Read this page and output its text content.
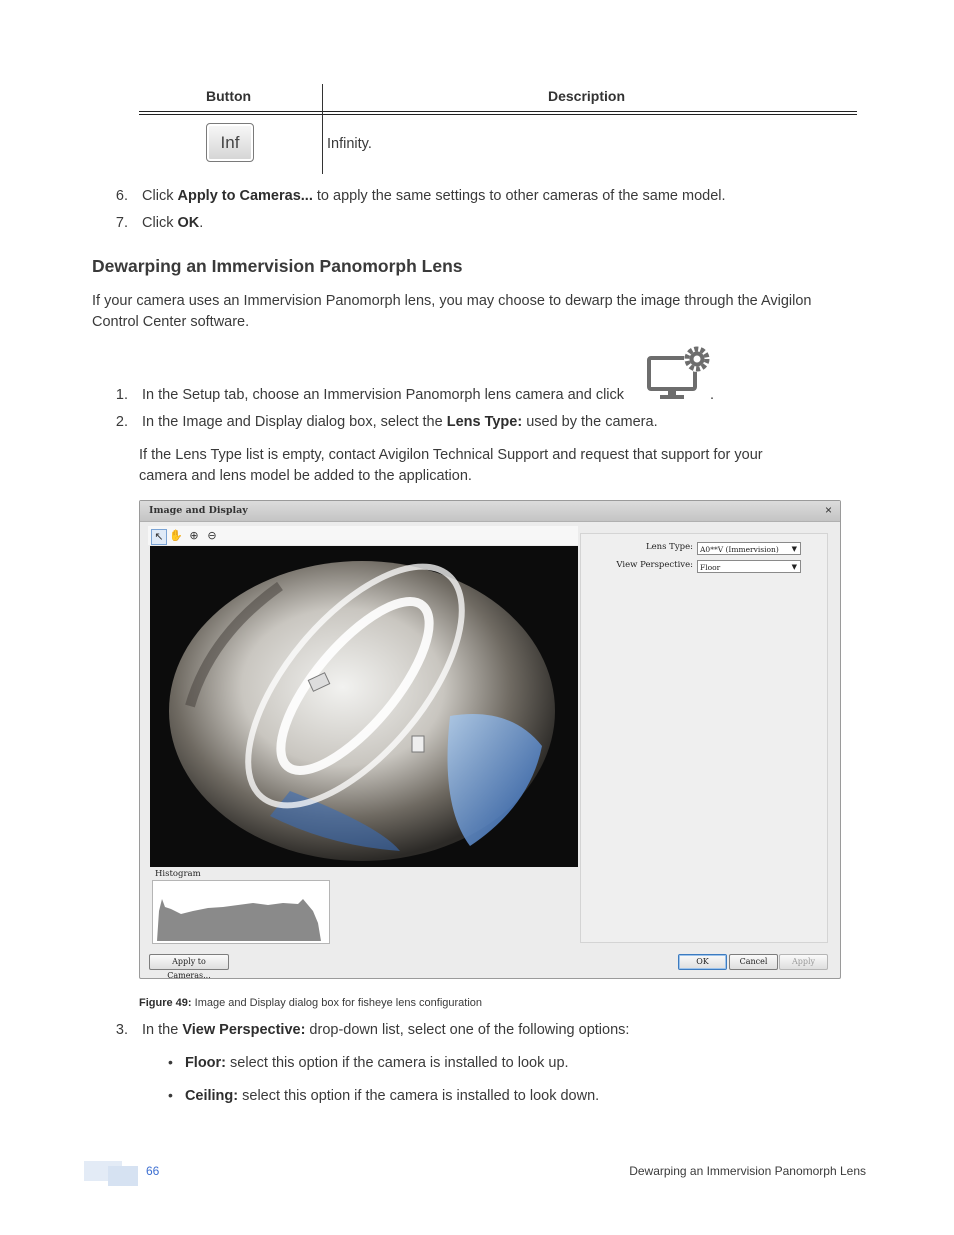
Button	Description
Inf	Infinity.
6. Click Apply to Cameras... to apply the same settings to other cameras of the same model.
7. Click OK.
Dewarping an Immervision Panomorph Lens
If your camera uses an Immervision Panomorph lens, you may choose to dewarp the image through the Avigilon
Control Center software.
1. In the Setup tab, choose an Immervision Panomorph lens camera and click	.
2. In the Image and Display dialog box, select the Lens Type: used by the camera.
If the Lens Type list is empty, contact Avigilon Technical Support and request that support for your
camera and lens model be added to the application.
Image and Display	×
↖ ✋ ⊕ ⊖
Lens Type: A0**V (Immervision) ▼
View Perspective: Floor	▼
Histogram
Apply to Cameras...
OK	Cancel	Apply
Figure 49: Image and Display dialog box for fisheye lens configuration
3. In the View Perspective: drop-down list, select one of the following options:
• Floor: select this option if the camera is installed to look up.
• Ceiling: select this option if the camera is installed to look down.
66	Dewarping an Immervision Panomorph Lens
